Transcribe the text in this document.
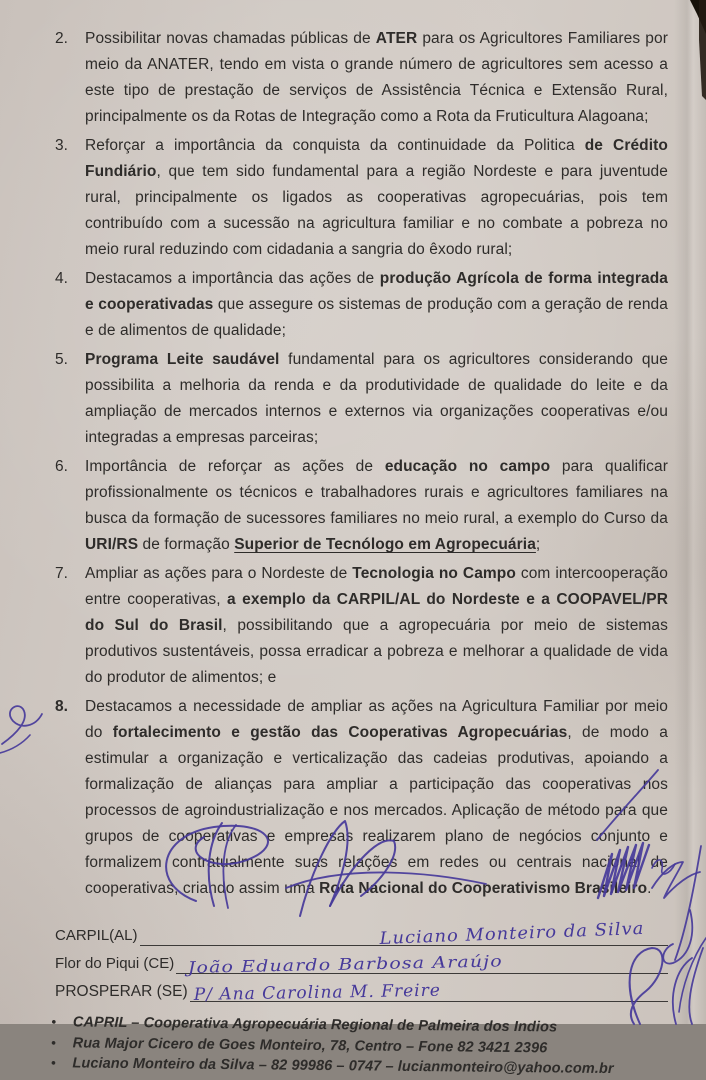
2.	Possibilitar novas chamadas públicas de ATER para os Agricultores Familiares por meio da ANATER, tendo em vista o grande número de agricultores sem acesso a este tipo de prestação de serviços de Assistência Técnica e Extensão Rural, principalmente os da Rotas de Integração como a Rota da Fruticultura Alagoana;
3.	Reforçar a importância da conquista da continuidade da Politica de Crédito Fundiário, que tem sido fundamental para a região Nordeste e para juventude rural, principalmente os ligados as cooperativas agropecuárias, pois tem contribuído com a sucessão na agricultura familiar e no combate a pobreza no meio rural reduzindo com cidadania a sangria do êxodo rural;
4.	Destacamos a importância das ações de produção Agrícola de forma integrada e cooperativadas que assegure os sistemas de produção com a geração de renda e de alimentos de qualidade;
5.	Programa Leite saudável fundamental para os agricultores considerando que possibilita a melhoria da renda e da produtividade de qualidade do leite e da ampliação de mercados internos e externos via organizações cooperativas e/ou integradas a empresas parceiras;
6.	Importância de reforçar as ações de educação no campo para qualificar profissionalmente os técnicos e trabalhadores rurais e agricultores familiares na busca da formação de sucessores familiares no meio rural, a exemplo do Curso da URI/RS de formação Superior de Tecnólogo em Agropecuária;
7.	Ampliar as ações para o Nordeste de Tecnologia no Campo com intercooperação entre cooperativas, a exemplo da CARPIL/AL do Nordeste e a COOPAVEL/PR do Sul do Brasil, possibilitando que a agropecuária por meio de sistemas produtivos sustentáveis, possa erradicar a pobreza e melhorar a qualidade de vida do produtor de alimentos; e
8.	Destacamos a necessidade de ampliar as ações na Agricultura Familiar por meio do fortalecimento e gestão das Cooperativas Agropecuárias, de modo a estimular a organização e verticalização das cadeias produtivas, apoiando a formalização de alianças para ampliar a participação das cooperativas nos processos de agroindustrialização e nos mercados. Aplicação de método para que grupos de cooperativas e empresas realizarem plano de negócios conjunto e formalizem contratualmente suas relações em redes ou centrais nacional de cooperativas, criando assim uma Rota Nacional do Cooperativismo Brasileiro.
CARPIL(AL)	Luciano Monteiro da Silva
Flor do Piqui (CE) João Eduardo Barbosa Araújo
PROSPERAR (SE) P/ Ana Carolina M. Freire
•	CAPRIL – Cooperativa Agropecuária Regional de Palmeira dos Indios
•	Rua Major Cicero de Goes Monteiro, 78, Centro – Fone 82 3421 2396
•	Luciano Monteiro da Silva – 82 99986 – 0747 – lucianmonteiro@yahoo.com.br
